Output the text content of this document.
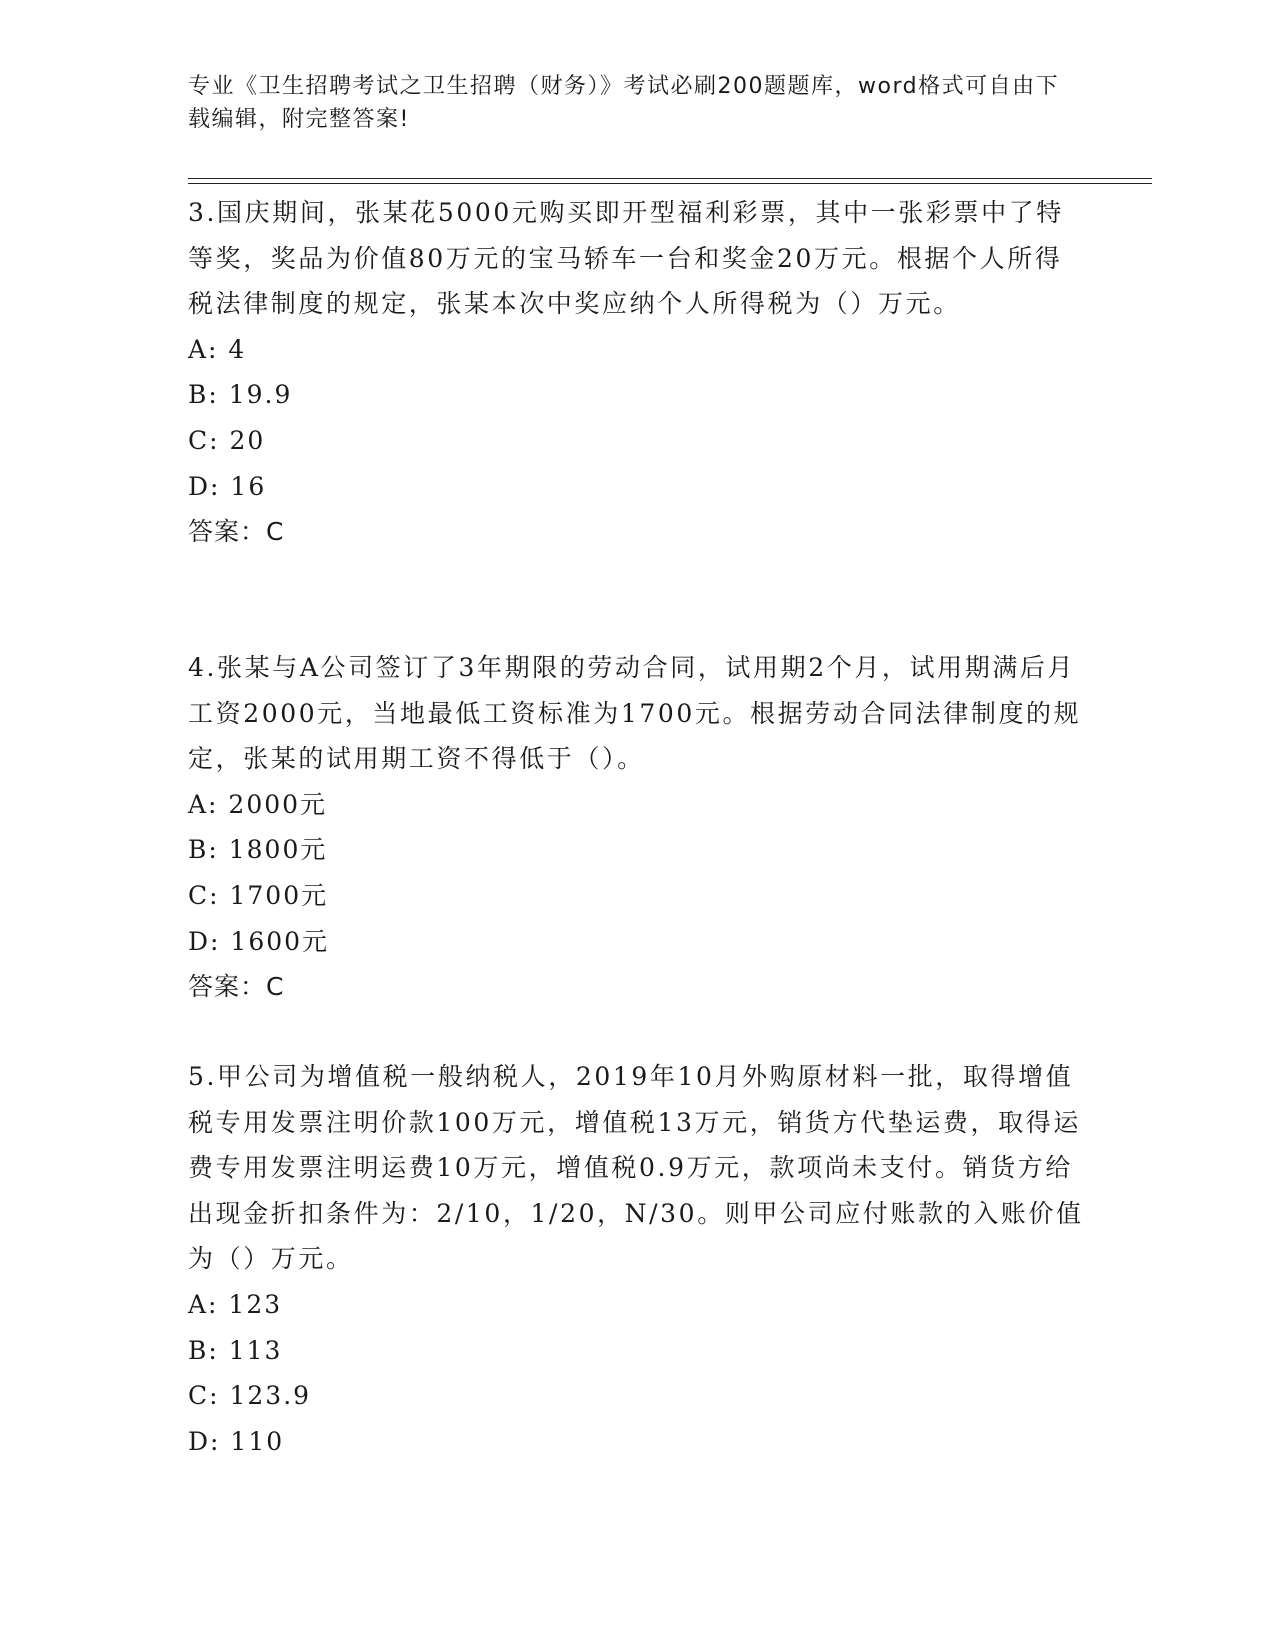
专业《卫生招聘考试之卫生招聘（财务）》考试必刷200题题库，word格式可自由下载编辑，附完整答案!

3.国庆期间，张某花5000元购买即开型福利彩票，其中一张彩票中了特等奖，奖品为价值80万元的宝马轿车一台和奖金20万元。根据个人所得税法律制度的规定，张某本次中奖应纳个人所得税为（）万元。

A: 4

B: 19.9

C: 20

D: 16

答案：C

4.张某与A公司签订了3年期限的劳动合同，试用期2个月，试用期满后月工资2000元，当地最低工资标准为1700元。根据劳动合同法律制度的规定，张某的试用期工资不得低于（）。

A: 2000元

B: 1800元

C: 1700元

D: 1600元

答案：C

5.甲公司为增值税一般纳税人，2019年10月外购原材料一批，取得增值税专用发票注明价款100万元，增值税13万元，销货方代垫运费，取得运费专用发票注明运费10万元，增值税0.9万元，款项尚未支付。销货方给出现金折扣条件为：2/10，1/20，N/30。则甲公司应付账款的入账价值为（）万元。

A: 123

B: 113

C: 123.9

D: 110
